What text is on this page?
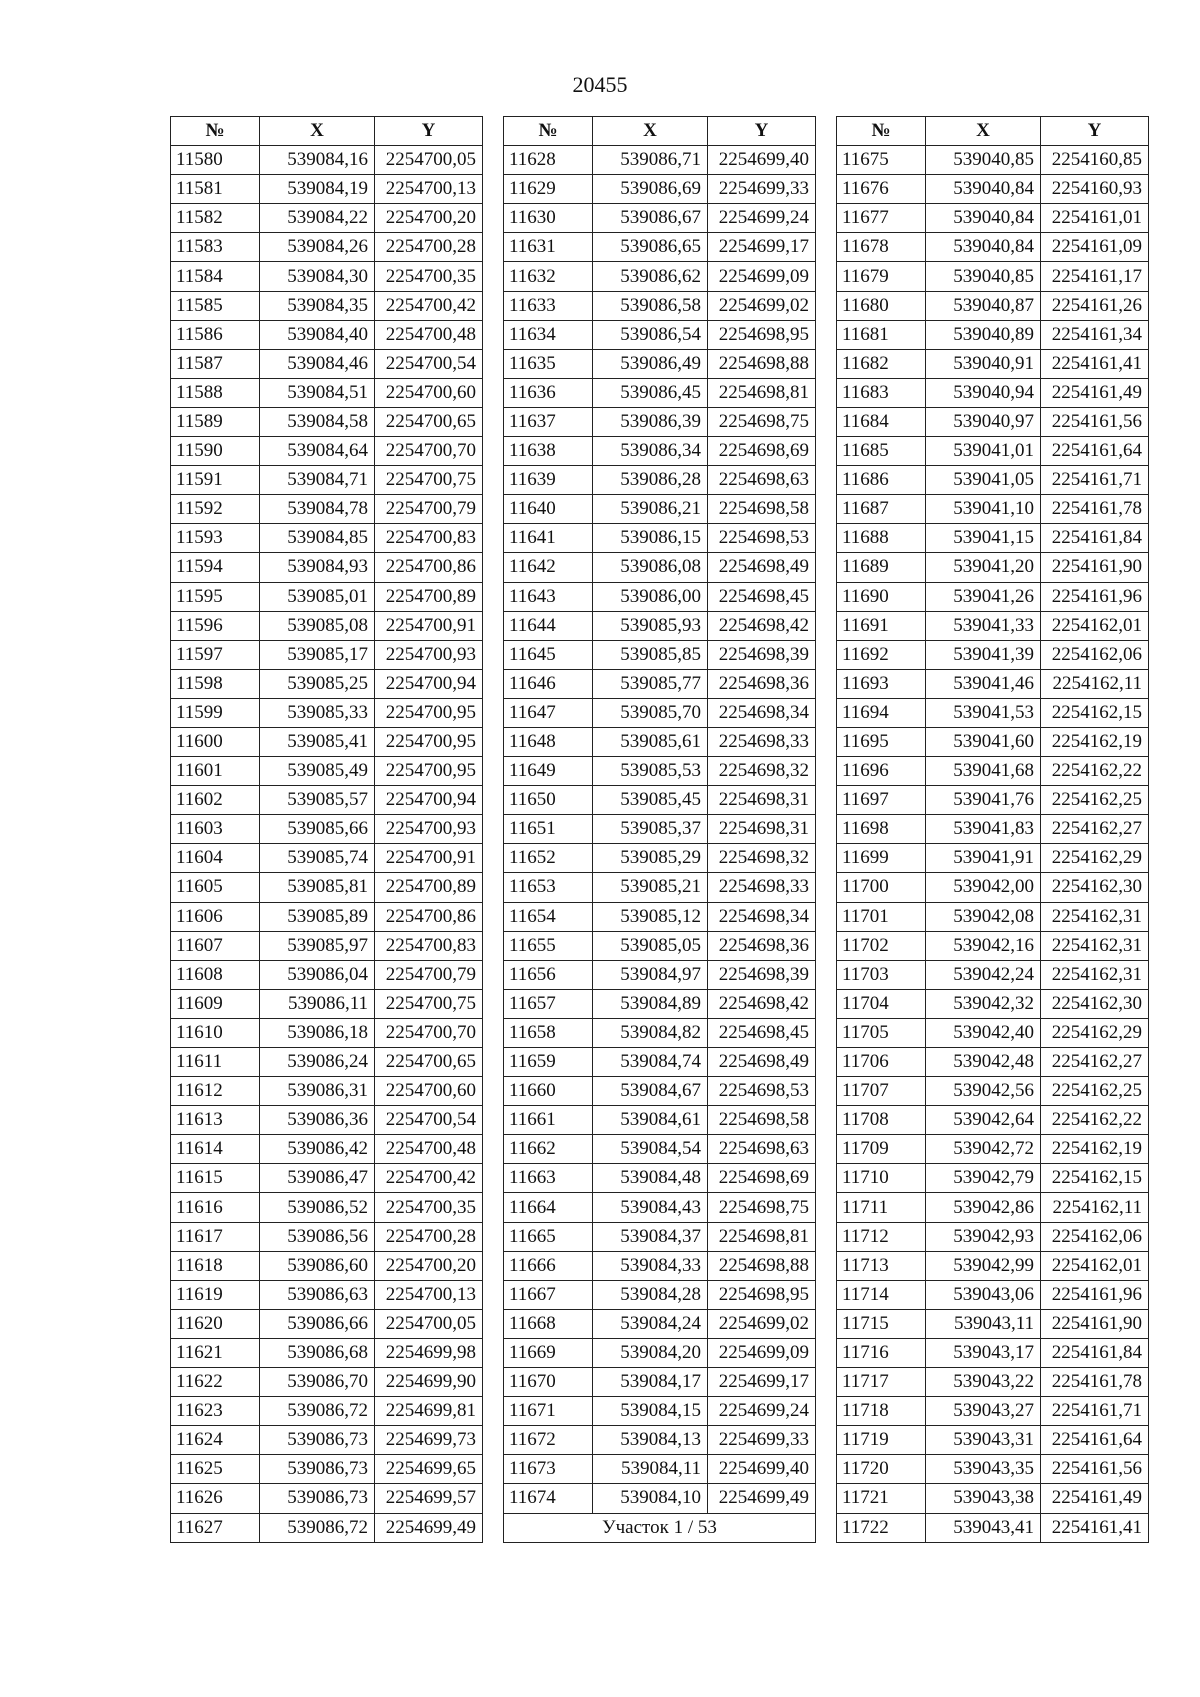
20455
№	X	Y
11580	539084,16	2254700,05
11581	539084,19	2254700,13
11582	539084,22	2254700,20
11583	539084,26	2254700,28
11584	539084,30	2254700,35
11585	539084,35	2254700,42
11586	539084,40	2254700,48
11587	539084,46	2254700,54
11588	539084,51	2254700,60
11589	539084,58	2254700,65
11590	539084,64	2254700,70
11591	539084,71	2254700,75
11592	539084,78	2254700,79
11593	539084,85	2254700,83
11594	539084,93	2254700,86
11595	539085,01	2254700,89
11596	539085,08	2254700,91
11597	539085,17	2254700,93
11598	539085,25	2254700,94
11599	539085,33	2254700,95
11600	539085,41	2254700,95
11601	539085,49	2254700,95
11602	539085,57	2254700,94
11603	539085,66	2254700,93
11604	539085,74	2254700,91
11605	539085,81	2254700,89
11606	539085,89	2254700,86
11607	539085,97	2254700,83
11608	539086,04	2254700,79
11609	539086,11	2254700,75
11610	539086,18	2254700,70
11611	539086,24	2254700,65
11612	539086,31	2254700,60
11613	539086,36	2254700,54
11614	539086,42	2254700,48
11615	539086,47	2254700,42
11616	539086,52	2254700,35
11617	539086,56	2254700,28
11618	539086,60	2254700,20
11619	539086,63	2254700,13
11620	539086,66	2254700,05
11621	539086,68	2254699,98
11622	539086,70	2254699,90
11623	539086,72	2254699,81
11624	539086,73	2254699,73
11625	539086,73	2254699,65
11626	539086,73	2254699,57
11627	539086,72	2254699,49
№	X	Y
11628	539086,71	2254699,40
11629	539086,69	2254699,33
11630	539086,67	2254699,24
11631	539086,65	2254699,17
11632	539086,62	2254699,09
11633	539086,58	2254699,02
11634	539086,54	2254698,95
11635	539086,49	2254698,88
11636	539086,45	2254698,81
11637	539086,39	2254698,75
11638	539086,34	2254698,69
11639	539086,28	2254698,63
11640	539086,21	2254698,58
11641	539086,15	2254698,53
11642	539086,08	2254698,49
11643	539086,00	2254698,45
11644	539085,93	2254698,42
11645	539085,85	2254698,39
11646	539085,77	2254698,36
11647	539085,70	2254698,34
11648	539085,61	2254698,33
11649	539085,53	2254698,32
11650	539085,45	2254698,31
11651	539085,37	2254698,31
11652	539085,29	2254698,32
11653	539085,21	2254698,33
11654	539085,12	2254698,34
11655	539085,05	2254698,36
11656	539084,97	2254698,39
11657	539084,89	2254698,42
11658	539084,82	2254698,45
11659	539084,74	2254698,49
11660	539084,67	2254698,53
11661	539084,61	2254698,58
11662	539084,54	2254698,63
11663	539084,48	2254698,69
11664	539084,43	2254698,75
11665	539084,37	2254698,81
11666	539084,33	2254698,88
11667	539084,28	2254698,95
11668	539084,24	2254699,02
11669	539084,20	2254699,09
11670	539084,17	2254699,17
11671	539084,15	2254699,24
11672	539084,13	2254699,33
11673	539084,11	2254699,40
11674	539084,10	2254699,49
Участок 1 / 53		
№	X	Y
11675	539040,85	2254160,85
11676	539040,84	2254160,93
11677	539040,84	2254161,01
11678	539040,84	2254161,09
11679	539040,85	2254161,17
11680	539040,87	2254161,26
11681	539040,89	2254161,34
11682	539040,91	2254161,41
11683	539040,94	2254161,49
11684	539040,97	2254161,56
11685	539041,01	2254161,64
11686	539041,05	2254161,71
11687	539041,10	2254161,78
11688	539041,15	2254161,84
11689	539041,20	2254161,90
11690	539041,26	2254161,96
11691	539041,33	2254162,01
11692	539041,39	2254162,06
11693	539041,46	2254162,11
11694	539041,53	2254162,15
11695	539041,60	2254162,19
11696	539041,68	2254162,22
11697	539041,76	2254162,25
11698	539041,83	2254162,27
11699	539041,91	2254162,29
11700	539042,00	2254162,30
11701	539042,08	2254162,31
11702	539042,16	2254162,31
11703	539042,24	2254162,31
11704	539042,32	2254162,30
11705	539042,40	2254162,29
11706	539042,48	2254162,27
11707	539042,56	2254162,25
11708	539042,64	2254162,22
11709	539042,72	2254162,19
11710	539042,79	2254162,15
11711	539042,86	2254162,11
11712	539042,93	2254162,06
11713	539042,99	2254162,01
11714	539043,06	2254161,96
11715	539043,11	2254161,90
11716	539043,17	2254161,84
11717	539043,22	2254161,78
11718	539043,27	2254161,71
11719	539043,31	2254161,64
11720	539043,35	2254161,56
11721	539043,38	2254161,49
11722	539043,41	2254161,41
